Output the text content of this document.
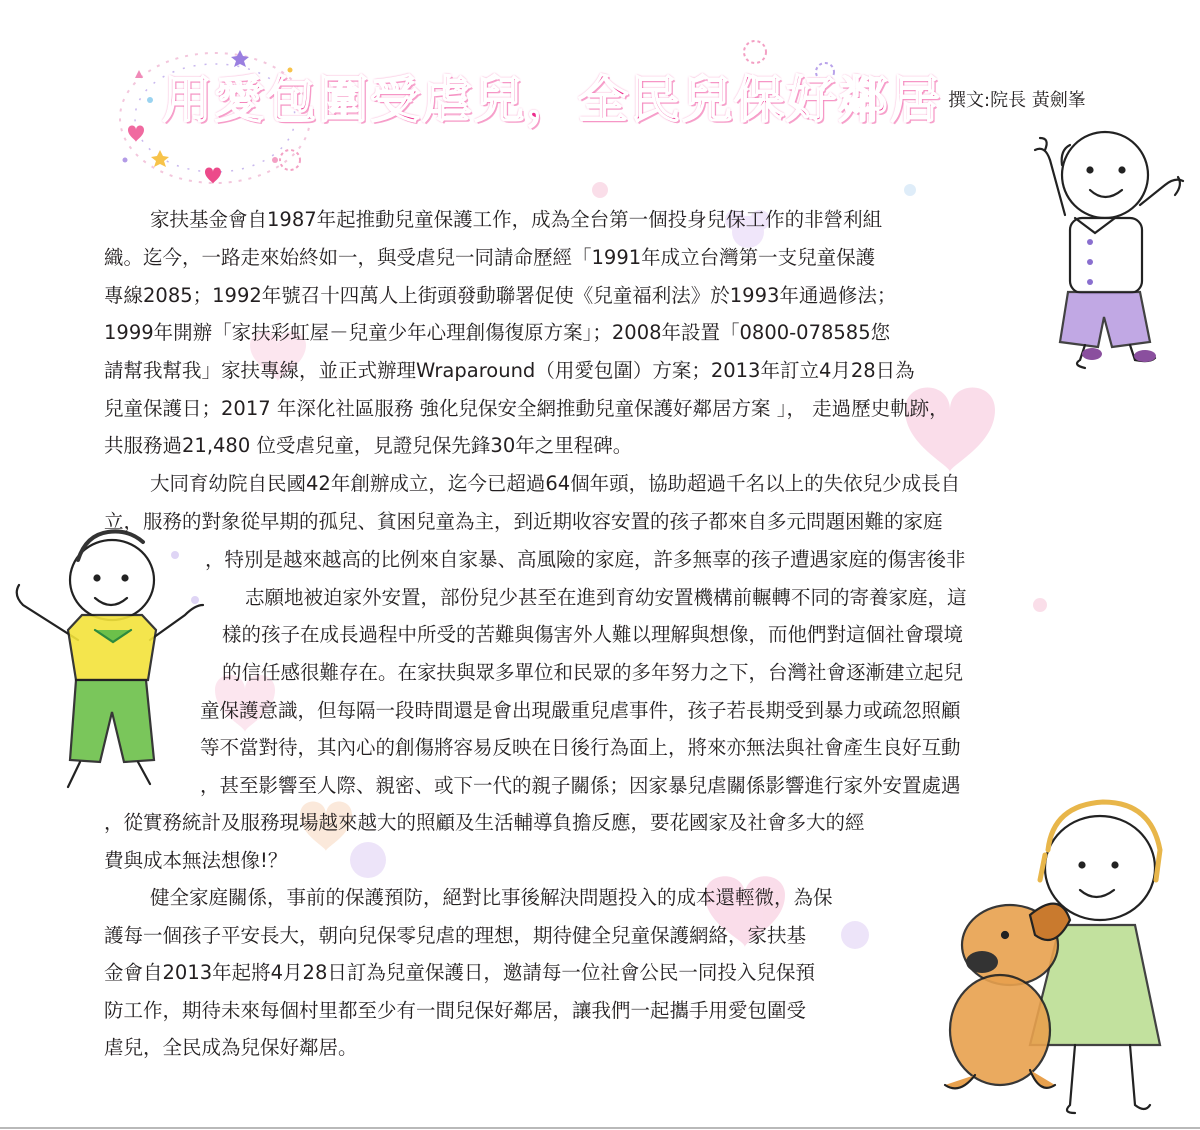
用愛包圍受虐兒，全民兒保好鄰居 撰文:院長 黃劍峯
家扶基金會自1987年起推動兒童保護工作，成為全台第一個投身兒保工作的非營利組
織。迄今，一路走來始終如一，與受虐兒一同請命歷經「1991年成立台灣第一支兒童保護
專線2085；1992年號召十四萬人上街頭發動聯署促使《兒童福利法》於1993年通過修法；
1999年開辦「家扶彩虹屋－兒童少年心理創傷復原方案」；2008年設置「0800-078585您
請幫我幫我」家扶專線，並正式辦理Wraparound（用愛包圍）方案；2013年訂立4月28日為
兒童保護日；2017 年深化社區服務 強化兒保安全網推動兒童保護好鄰居方案 」， 走過歷史軌跡，
共服務過21,480 位受虐兒童，見證兒保先鋒30年之里程碑。
大同育幼院自民國42年創辦成立，迄今已超過64個年頭，協助超過千名以上的失依兒少成長自
立，服務的對象從早期的孤兒、貧困兒童為主，到近期收容安置的孩子都來自多元問題困難的家庭
，特別是越來越高的比例來自家暴、高風險的家庭，許多無辜的孩子遭遇家庭的傷害後非
志願地被迫家外安置，部份兒少甚至在進到育幼安置機構前輾轉不同的寄養家庭，這
樣的孩子在成長過程中所受的苦難與傷害外人難以理解與想像，而他們對這個社會環境
的信任感很難存在。在家扶與眾多單位和民眾的多年努力之下，台灣社會逐漸建立起兒
童保護意識，但每隔一段時間還是會出現嚴重兒虐事件，孩子若長期受到暴力或疏忽照顧
等不當對待，其內心的創傷將容易反映在日後行為面上，將來亦無法與社會產生良好互動
，甚至影響至人際、親密、或下一代的親子關係；因家暴兒虐關係影響進行家外安置處遇
，從實務統計及服務現場越來越大的照顧及生活輔導負擔反應，要花國家及社會多大的經
費與成本無法想像!？
健全家庭關係，事前的保護預防，絕對比事後解決問題投入的成本還輕微，為保
護每一個孩子平安長大，朝向兒保零兒虐的理想，期待健全兒童保護網絡，家扶基
金會自2013年起將4月28日訂為兒童保護日，邀請每一位社會公民一同投入兒保預
防工作，期待未來每個村里都至少有一間兒保好鄰居，讓我們一起攜手用愛包圍受
虐兒，全民成為兒保好鄰居。
